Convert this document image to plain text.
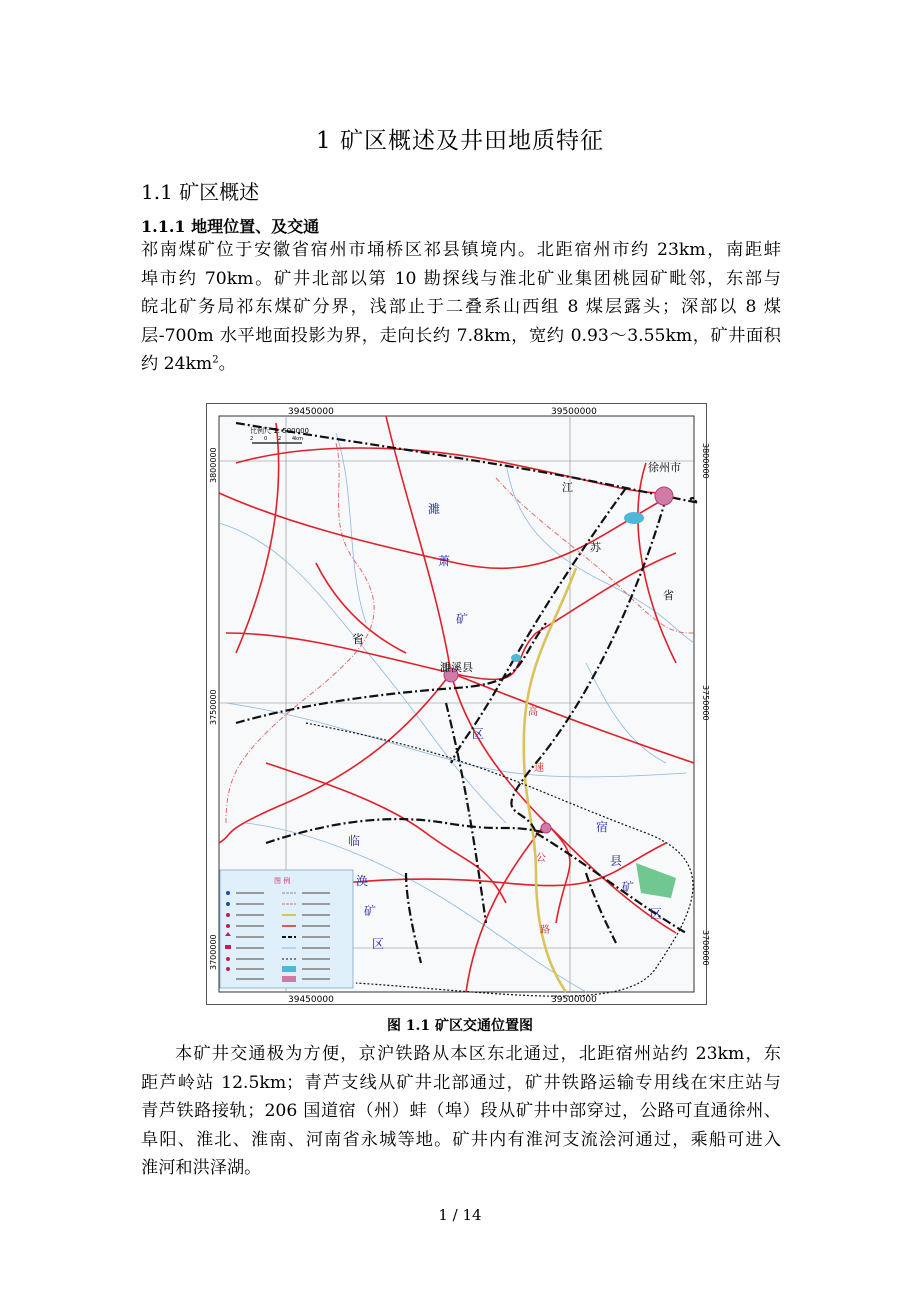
1 矿区概述及井田地质特征
1.1 矿区概述
1.1.1 地理位置、及交通
祁南煤矿位于安徽省宿州市埇桥区祁县镇境内。北距宿州市约 23km，南距蚌
埠市约 70km。矿井北部以第 10 勘探线与淮北矿业集团桃园矿毗邻，东部与
皖北矿务局祁东煤矿分界，浅部止于二叠系山西组 8 煤层露头；深部以 8 煤
层-700m 水平地面投影为界，走向长约 7.8km，宽约 0.93～3.55km，矿井面积
约 $24km^2$。
39450000	39500000
39450000	39500000
3800000
3750000
3700000
3800000
3750000
3700000
比例尺 1: 500000
2 0 2 4km
徐州市
濉溪县
江
苏
省
濉
萧
矿
省
临
涣
矿
区
宿
县
矿
区
区
高
速
公
路
图 例
图 1.1 矿区交通位置图
本矿井交通极为方便，京沪铁路从本区东北通过，北距宿州站约 23km，东
距芦岭站 12.5km；青芦支线从矿井北部通过，矿井铁路运输专用线在宋庄站与
青芦铁路接轨；206 国道宿（州）蚌（埠）段从矿井中部穿过，公路可直通徐州、
阜阳、淮北、淮南、河南省永城等地。矿井内有淮河支流浍河通过，乘船可进入
淮河和洪泽湖。
1 / 14
